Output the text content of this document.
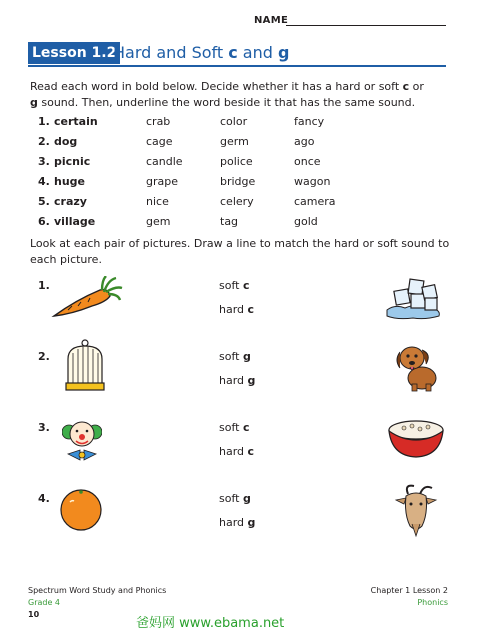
NAME
Lesson 1.2
Hard and Soft c and g
Read each word in bold below. Decide whether it has a hard or soft c or
g sound. Then, underline the word beside it that has the same sound.
1. certain	crab	color	fancy
2. dog	cage	germ	ago
3. picnic	candle	police	once
4. huge	grape	bridge	wagon
5. crazy	nice	celery	camera
6. village	gem	tag	gold
Look at each pair of pictures. Draw a line to match the hard or soft sound to each picture.
1.	soft c
hard c
2.	soft g
hard g
3.	soft c
hard c
4.	soft g
hard g
Spectrum Word Study and Phonics
Grade 4
10
Chapter 1 Lesson 2
Phonics
爸妈网 www.ebama.net
